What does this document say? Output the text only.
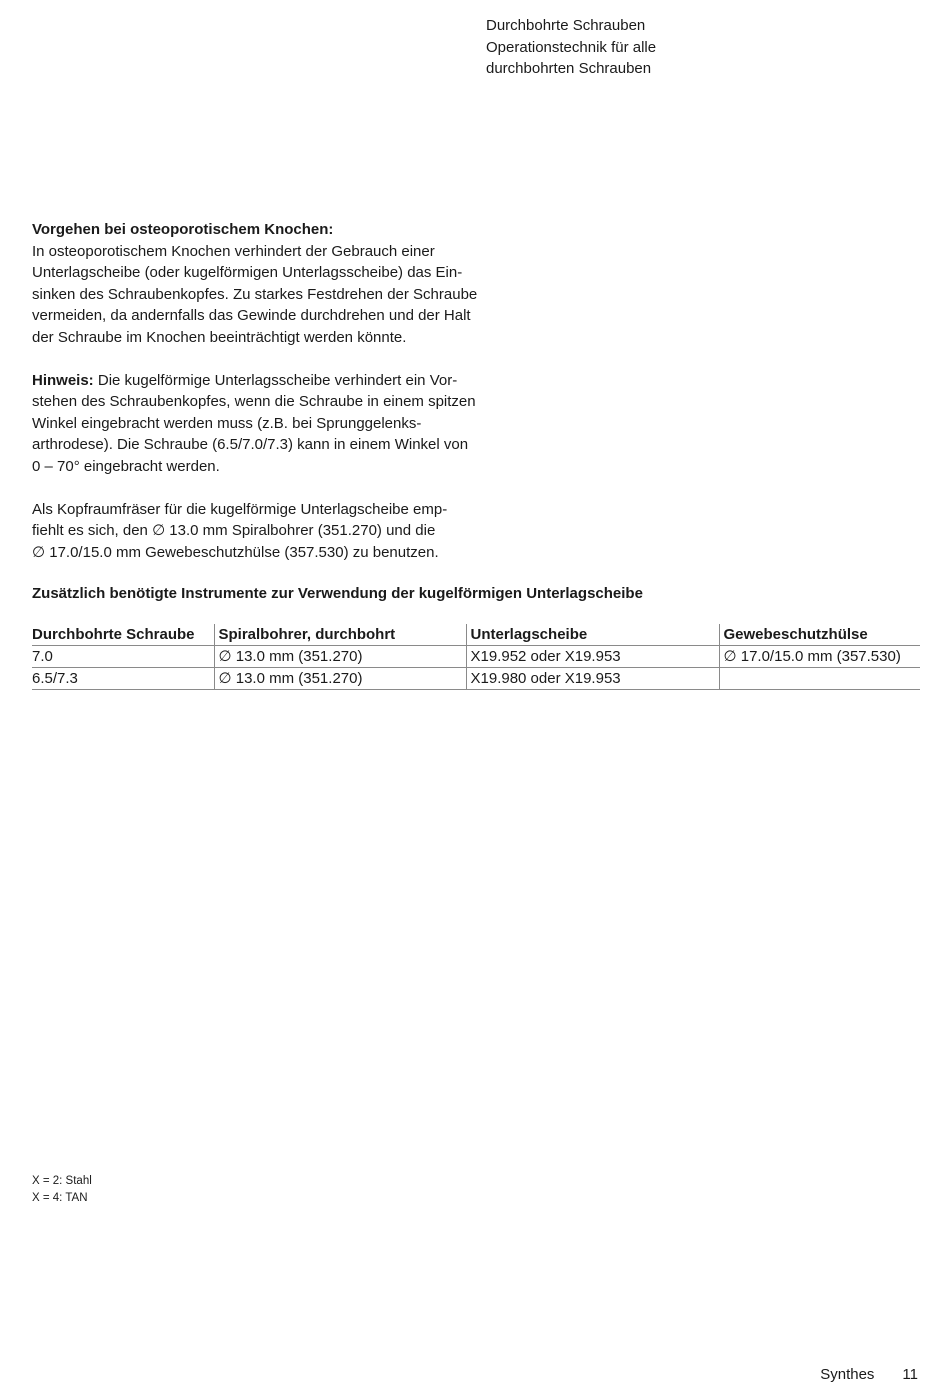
Durchbohrte Schrauben
Operationstechnik für alle
durchbohrten Schrauben
Vorgehen bei osteoporotischem Knochen:
In osteoporotischem Knochen verhindert der Gebrauch einer
Unterlagscheibe (oder kugelförmigen Unterlagsscheibe) das Ein-
sinken des Schraubenkopfes. Zu starkes Festdrehen der Schraube
vermeiden, da andernfalls das Gewinde durchdrehen und der Halt
der Schraube im Knochen beeinträchtigt werden könnte.
Hinweis: Die kugelförmige Unterlagsscheibe verhindert ein Vor-
stehen des Schraubenkopfes, wenn die Schraube in einem spitzen
Winkel eingebracht werden muss (z.B. bei Sprunggelenks-
arthrodese). Die Schraube (6.5/7.0/7.3) kann in einem Winkel von
0 – 70° eingebracht werden.
Als Kopfraumfräser für die kugelförmige Unterlagscheibe emp-
fiehlt es sich, den ∅ 13.0 mm Spiralbohrer (351.270) und die
∅ 17.0/15.0 mm Gewebeschutzhülse (357.530) zu benutzen.
Zusätzlich benötigte Instrumente zur Verwendung der kugelförmigen Unterlagscheibe
Durchbohrte Schraube	Spiralbohrer, durchbohrt	Unterlagscheibe	Gewebeschutzhülse
7.0	∅ 13.0 mm (351.270)	X19.952 oder X19.953	∅ 17.0/15.0 mm (357.530)
6.5/7.3	∅ 13.0 mm (351.270)	X19.980 oder X19.953	
X = 2: Stahl
X = 4: TAN
Synthes 11
